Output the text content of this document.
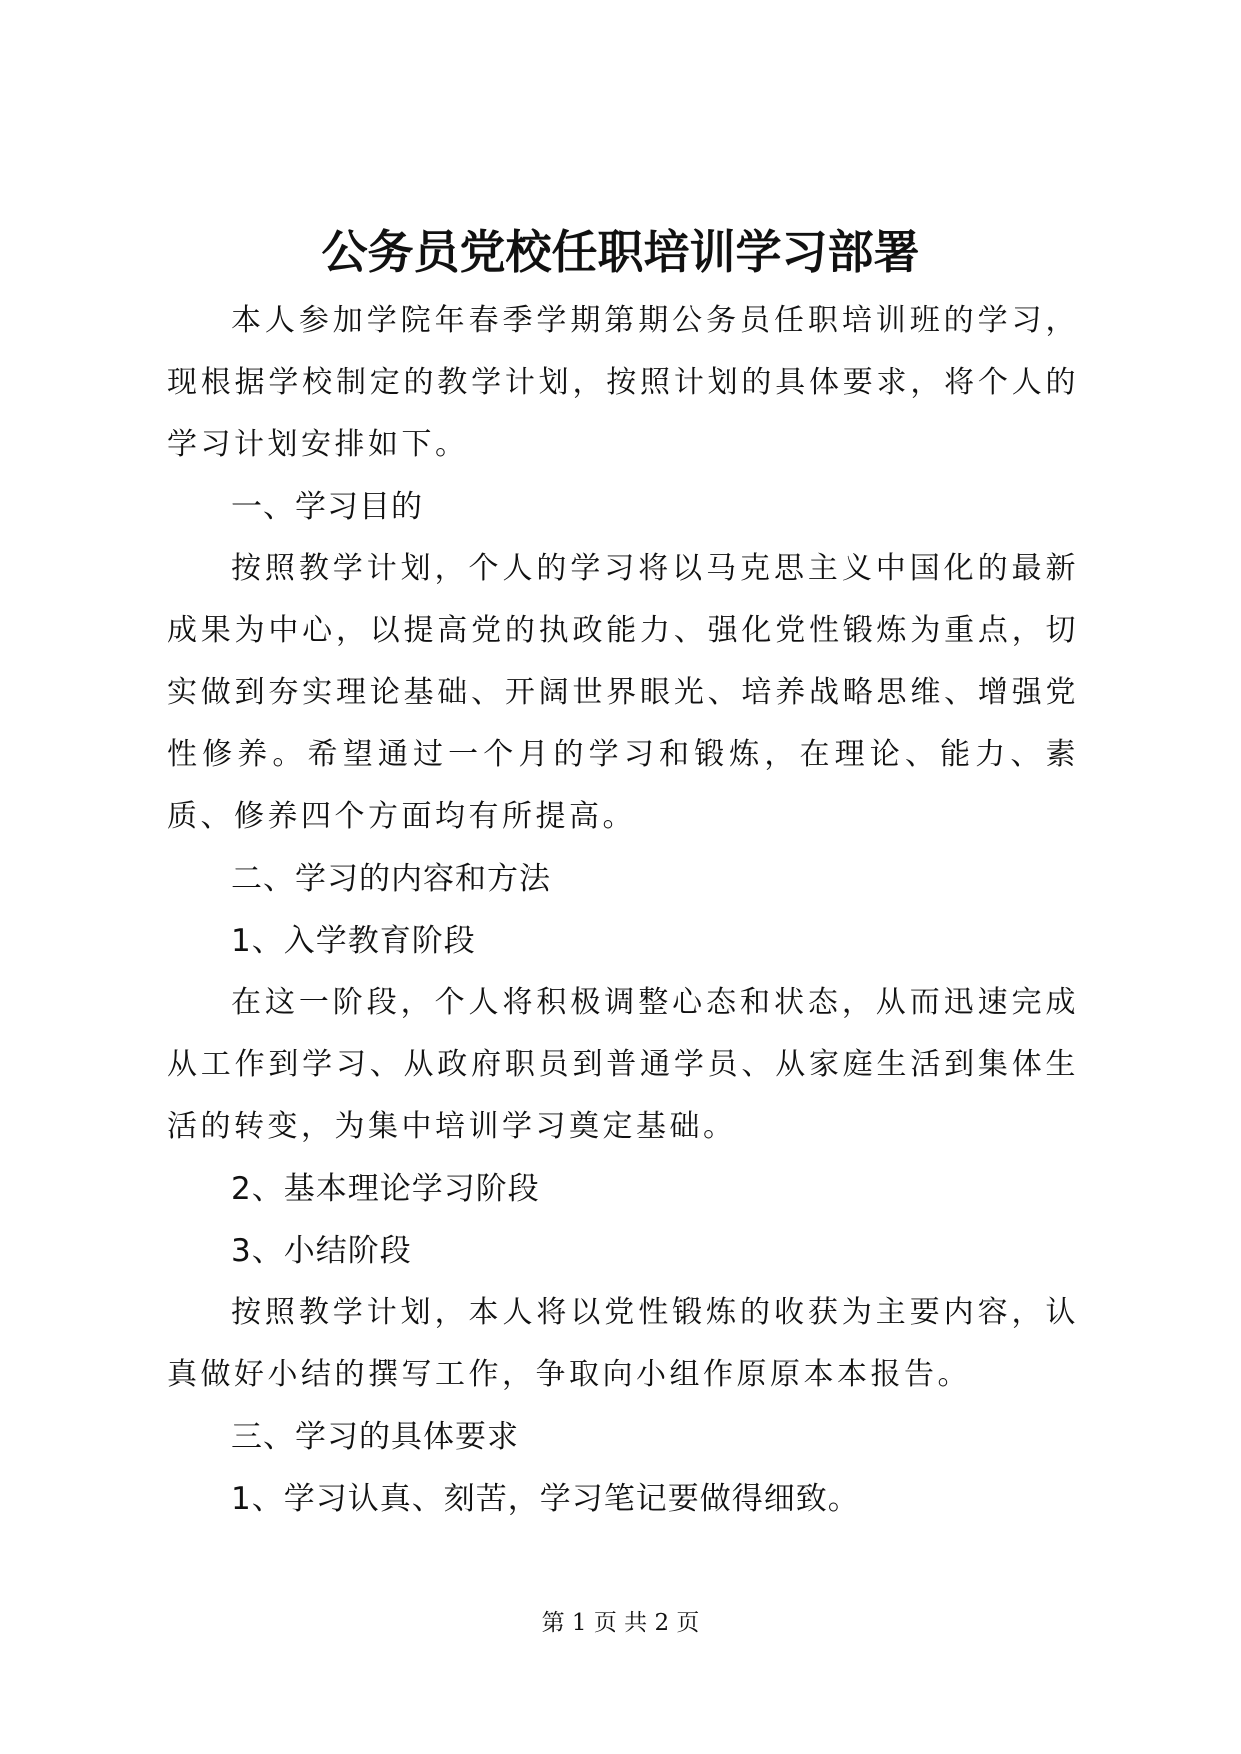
公务员党校任职培训学习部署

本人参加学院年春季学期第期公务员任职培训班的学习，现根据学校制定的教学计划，按照计划的具体要求，将个人的学习计划安排如下。

一、学习目的

按照教学计划，个人的学习将以马克思主义中国化的最新成果为中心，以提高党的执政能力、强化党性锻炼为重点，切实做到夯实理论基础、开阔世界眼光、培养战略思维、增强党性修养。希望通过一个月的学习和锻炼，在理论、能力、素质、修养四个方面均有所提高。

二、学习的内容和方法

1、入学教育阶段

在这一阶段，个人将积极调整心态和状态，从而迅速完成从工作到学习、从政府职员到普通学员、从家庭生活到集体生活的转变，为集中培训学习奠定基础。

2、基本理论学习阶段

3、小结阶段

按照教学计划，本人将以党性锻炼的收获为主要内容，认真做好小结的撰写工作，争取向小组作原原本本报告。

三、学习的具体要求

1、学习认真、刻苦，学习笔记要做得细致。

第 1 页 共 2 页
